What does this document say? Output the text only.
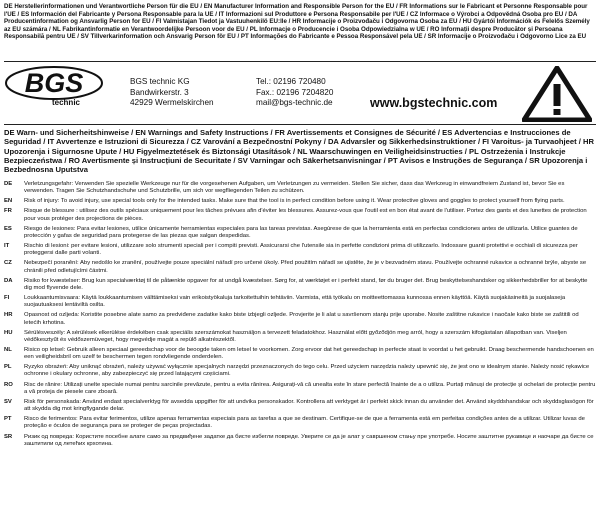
DE Herstellerinformationen und Verantwortliche Person für die EU / EN Manufacturer Information and Responsible Person for the EU / FR Informations sur le Fabricant et Personne Responsable pour l'UE / ES Información del Fabricante y Persona Responsable para la UE / IT Informazioni sul Produttore e Persona Responsabile per l'UE / CZ Informace o Výrobci a Odpovědná Osoba pro EU / DA Producentinformation og Ansvarlig Person for EU / FI Valmistajan Tiedot ja Vastuuhenkilö EU:lle / HR Informacije o Proizvođaču i Odgovorna Osoba za EU / HU Gyártói Információk és Felelős Személy az EU számára / NL Fabrikantinformatie en Verantwoordelijke Persoon voor de EU / PL Informacje o Producencie i Osoba Odpowiedzialna w UE / RO Informații despre Producător și Persoana Responsabilă pentru UE / SV Tillverkarinformation och Ansvarig Person för EU / PT Informações do Fabricante e Pessoa Responsável pela UE / SR Informacije o Proizvođaču i Odgovorno Lice za EU
BGS
technic
BGS technic KG
Bandwirkerstr. 3
42929 Wermelskirchen
Tel.: 02196 720480
Fax.: 02196 7204820
mail@bgs-technic.de	www.bgstechnic.com
DE Warn- und Sicherheitshinweise / EN Warnings and Safety Instructions / FR Avertissements et Consignes de Sécurité / ES Advertencias e Instrucciones de Seguridad / IT Avvertenze e Istruzioni di Sicurezza / CZ Varování a Bezpečnostní Pokyny / DA Advarsler og Sikkerhedsinstruktioner / FI Varoitus- ja Turvaohjeet / HR Upozorenja i Sigurnosne Upute / HU Figyelmeztetések és Biztonsági Utasítások / NL Waarschuwingen en Veiligheidsinstructies / PL Ostrzeżenia i Instrukcje Bezpieczeństwa / RO Avertismente și Instrucțiuni de Securitate / SV Varningar och Säkerhetsanvisningar / PT Avisos e Instruções de Segurança / SR Upozorenja i Bezbednosna Uputstva
DE	Verletzungsgefahr: Verwenden Sie spezielle Werkzeuge nur für die vorgesehenen Aufgaben, um Verletzungen zu vermeiden. Stellen Sie sicher, dass das Werkzeug in einwandfreiem Zustand ist, bevor Sie es verwenden. Tragen Sie Schutzhandschuhe und Schutzbrille, um sich vor wegfliegenden Teilen zu schützen.
EN	Risk of injury: To avoid injury, use special tools only for the intended tasks. Make sure that the tool is in perfect condition before using it. Wear protective gloves and goggles to protect yourself from flying parts.
FR	Risque de blessure : utilisez des outils spéciaux uniquement pour les tâches prévues afin d'éviter les blessures. Assurez-vous que l'outil est en bon état avant de l'utiliser. Portez des gants et des lunettes de protection pour vous protéger des projections de pièces.
ES	Riesgo de lesiones: Para evitar lesiones, utilice únicamente herramientas especiales para las tareas previstas. Asegúrese de que la herramienta está en perfectas condiciones antes de utilizarla. Utilice guantes de protección y gafas de seguridad para protegerse de las piezas que salgan despedidas.
IT	Rischio di lesioni: per evitare lesioni, utilizzare solo strumenti speciali per i compiti previsti. Assicurarsi che l'utensile sia in perfette condizioni prima di utilizzarlo. Indossare guanti protettivi e occhiali di sicurezza per proteggersi dalle parti volanti.
CZ	Nebezpečí poranění: Aby nedošlo ke zranění, používejte pouze speciální nářadí pro určené úkoly. Před použitím nářadí se ujistěte, že je v bezvadném stavu. Používejte ochranné rukavice a ochranné brýle, abyste se chránili před odletujícími částmi.
DA	Risiko for kvæstelser: Brug kun specialværktøj til de påtænkte opgaver for at undgå kvæstelser. Sørg for, at værktøjet er i perfekt stand, før du bruger det. Brug beskyttelseshandsker og sikkerhedsbriller for at beskytte dig mod flyvende dele.
FI	Loukkaantumisvaara: Käytä loukkaantumisen välttämiseksi vain erikoistyökaluja tarkoitettuihin tehtäviin. Varmista, että työkalu on moitteettomassa kunnossa ennen käyttöä. Käytä suojakäsineitä ja suojalaseja suojautuaksesi lentäviltä osilta.
HR	Opasnost od ozljeda: Koristite posebne alate samo za predviđene zadatke kako biste izbjegli ozljede. Provjerite je li alat u savršenom stanju prije uporabe. Nosite zaštitne rukavice i naočale kako biste se zaštitili od letećih krhotina.
HU	Sérülésveszély: A sérülések elkerülése érdekében csak speciális szerszámokat használjon a tervezett feladatokhoz. Használat előtt győződjön meg arról, hogy a szerszám kifogástalan állapotban van. Viseljen védőkesztyűt és védőszemüveget, hogy megvédje magát a repülő alkatrészektől.
NL	Risico op letsel: Gebruik alleen speciaal gereedschap voor de beoogde taken om letsel te voorkomen. Zorg ervoor dat het gereedschap in perfecte staat is voordat u het gebruikt. Draag beschermende handschoenen en een veiligheidsbril om uzelf te beschermen tegen rondvliegende onderdelen.
PL	Ryzyko obrażeń: Aby uniknąć obrażeń, należy używać wyłącznie specjalnych narzędzi przeznaczonych do tego celu. Przed użyciem narzędzia należy upewnić się, że jest ono w idealnym stanie. Należy nosić rękawice ochronne i okulary ochronne, aby zabezpieczyć się przed latającymi częściami.
RO	Risc de rănire: Utilizați unelte speciale numai pentru sarcinile prevăzute, pentru a evita rănirea. Asigurați-vă că unealta este în stare perfectă înainte de a o utiliza. Purtați mănuși de protecție și ochelari de protecție pentru a vă proteja de piesele care zboară.
SV	Risk för personskada: Använd endast specialverktyg för avsedda uppgifter för att undvika personskador. Kontrollera att verktyget är i perfekt skick innan du använder det. Använd skyddshandskar och skyddsglasögon för att skydda dig mot kringflygande delar.
PT	Risco de ferimentos: Para evitar ferimentos, utilize apenas ferramentas especiais para as tarefas a que se destinam. Certifique-se de que a ferramenta está em perfeitas condições antes de a utilizar. Utilizar luvas de proteção e óculos de segurança para se proteger de peças projectadas.
SR	Ризик од повреда: Користите посебне алате само за предвиђене задатке да бисте избегли повреде. Уверите се да је алат у савршеном стању пре употребе. Носите заштитне рукавице и наочаре да бисте се заштитили од летећих крхотина.
